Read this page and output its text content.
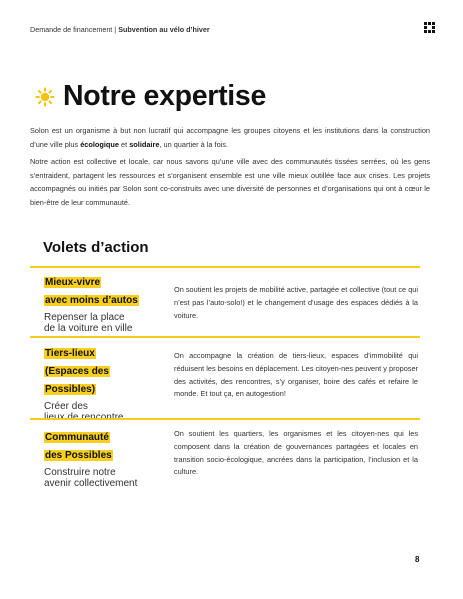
Demande de financement | Subvention au vélo d’hiver
Notre expertise
Solon est un organisme à but non lucratif qui accompagne les groupes citoyens et les institutions dans la construction d’une ville plus écologique et solidaire, un quartier à la fois.
Notre action est collective et locale, car nous savons qu’une ville avec des communautés tissées serrées, où les gens s’entraident, partagent les ressources et s’organisent ensemble est une ville mieux outillée face aux crises. Les projets accompagnés ou initiés par Solon sont co-construits avec une diversité de personnes et d’organisations qui ont à cœur le bien-être de leur communauté.
Volets d’action
Mieux-vivre
avec moins d’autos
Repenser la place
de la voiture en ville
On soutient les projets de mobilité active, partagée et collective (tout ce qui n’est pas l’auto-solo!) et le changement d’usage des espaces dédiés à la voiture.
Tiers-lieux
(Espaces des
Possibles)
Créer des

On accompagne la création de tiers-lieux, espaces d’immobilité qui réduisent les besoins en déplacement. Les citoyen-nes peuvent y proposer des activités, des rencontres, s’y organiser, boire des cafés et refaire le monde. Et tout ça, en autogestion!
Communauté
des Possibles
Construire notre
avenir collectivement
On soutient les quartiers, les organismes et les citoyen-nes qui les composent dans la création de gouvernances partagées et locales en transition socio-écologique, ancrées dans la participation, l’inclusion et la culture.
8
